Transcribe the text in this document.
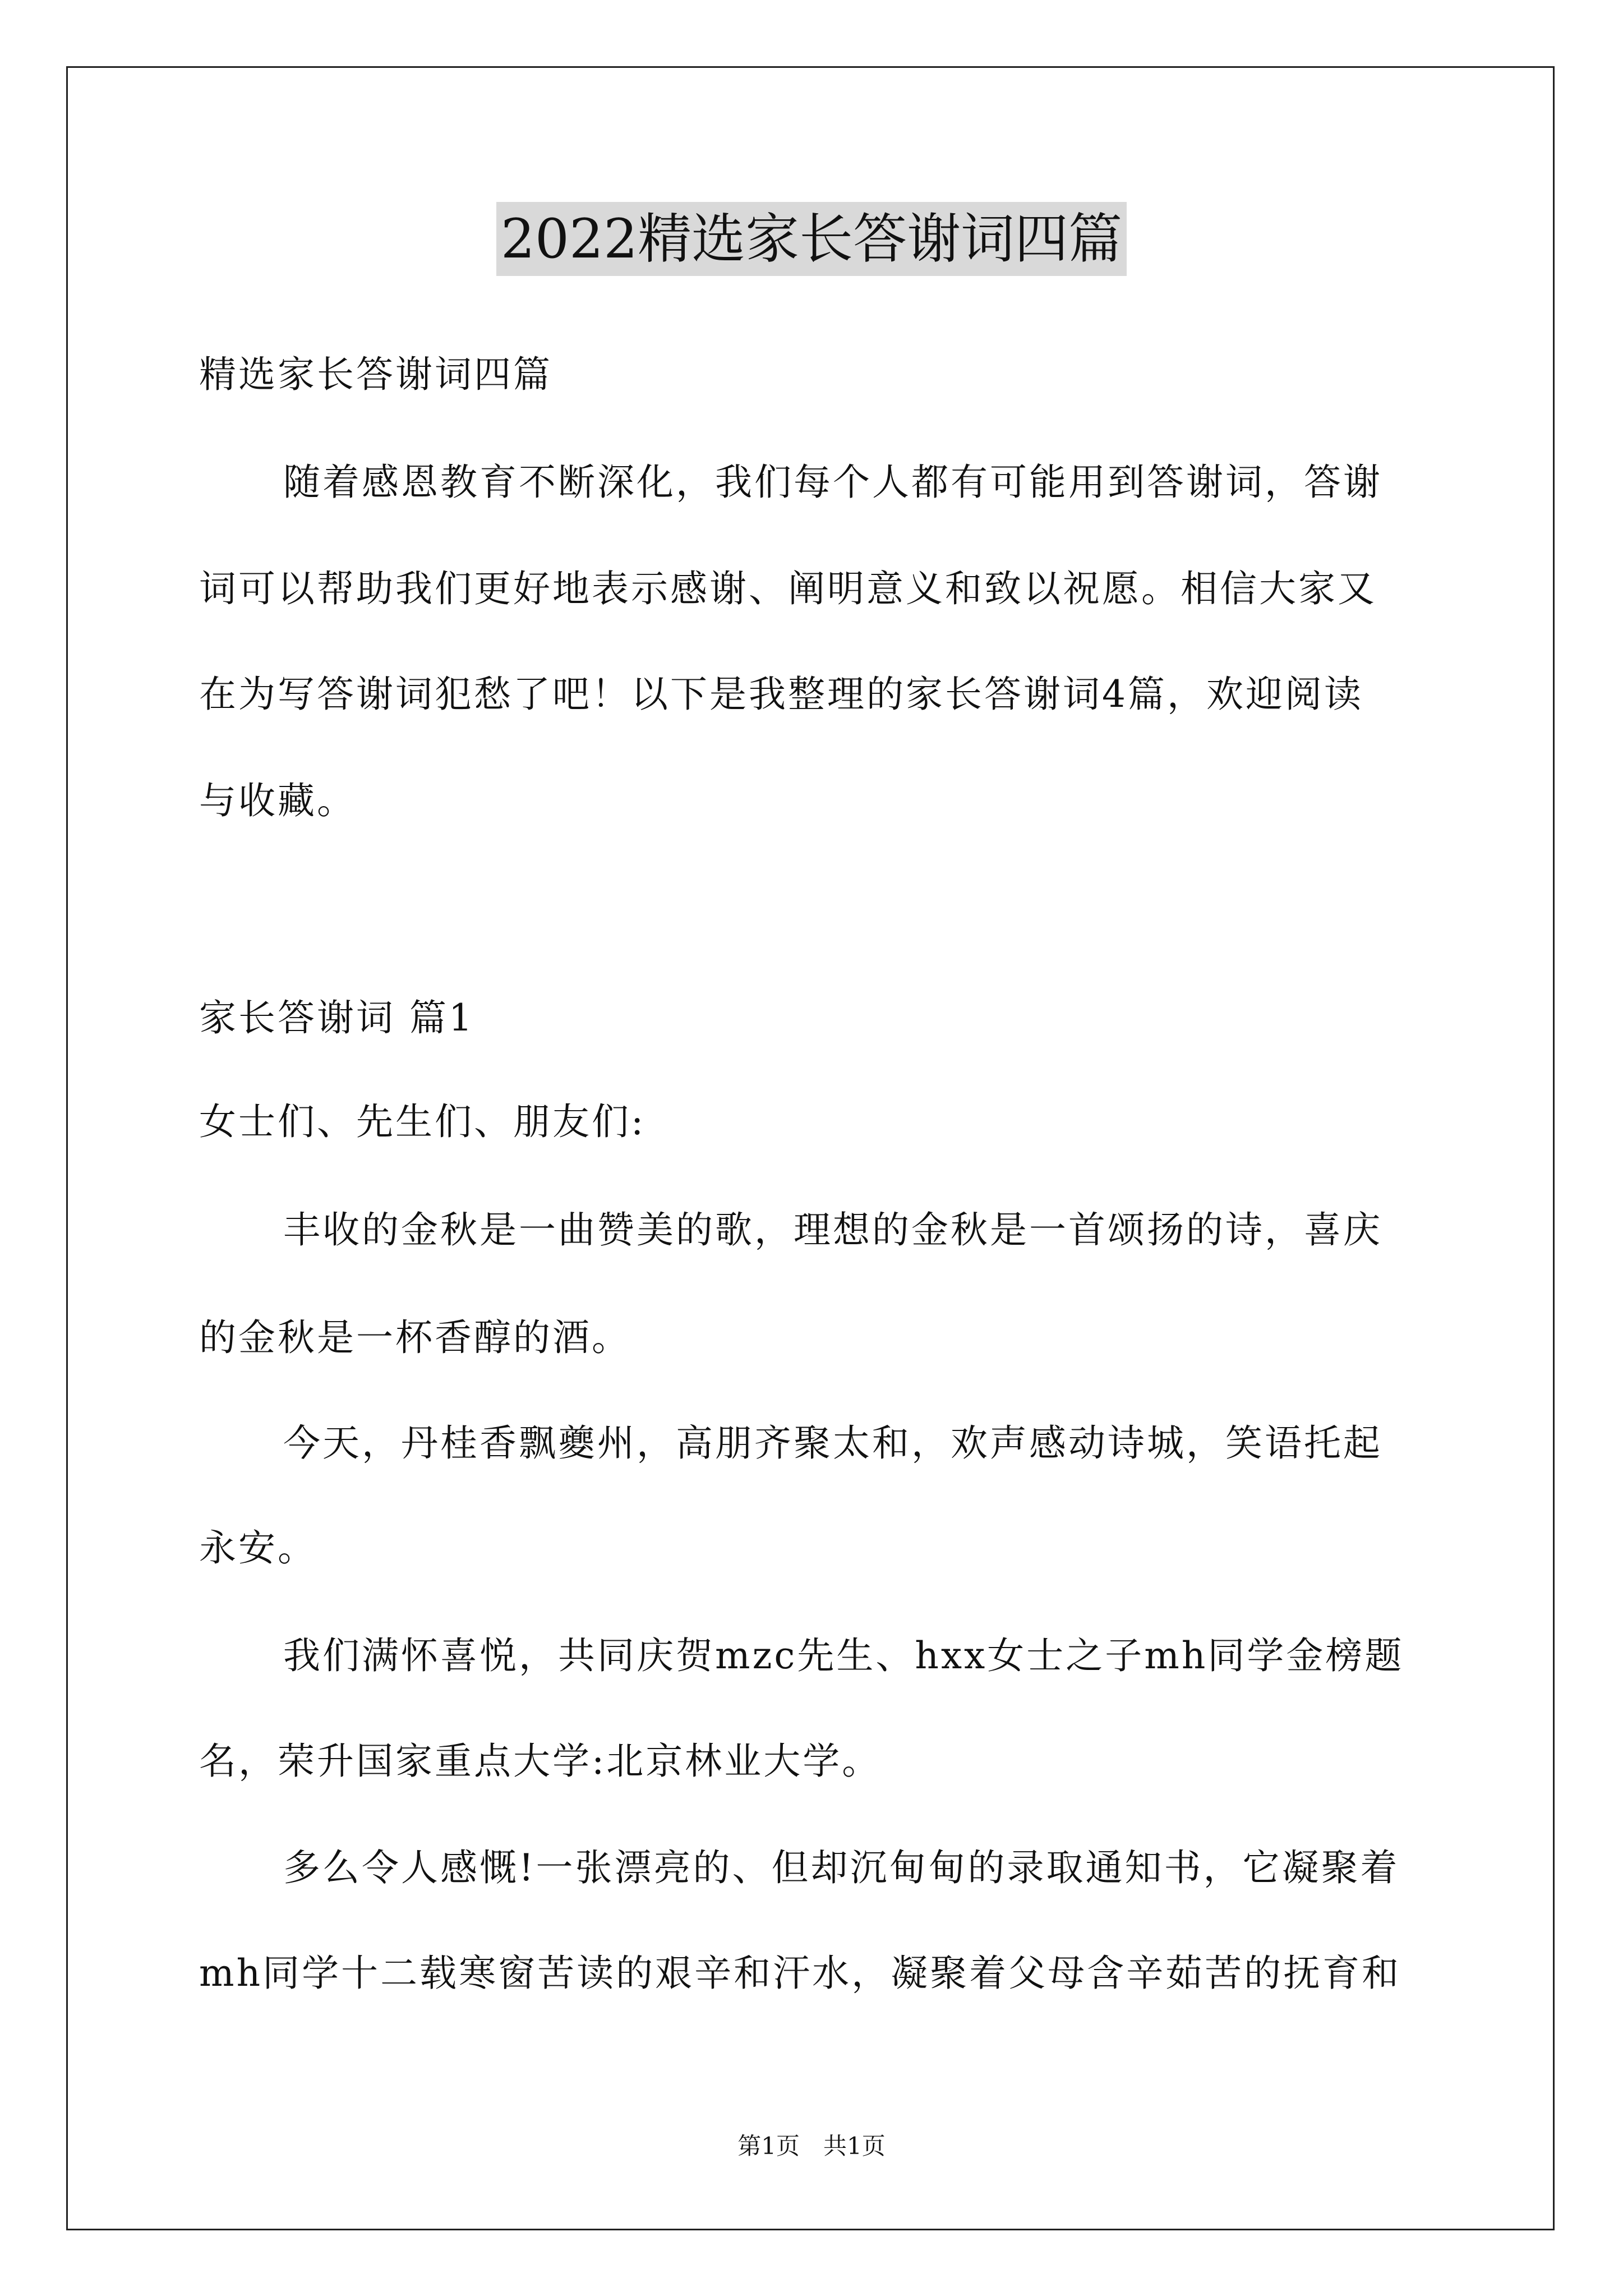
2022精选家长答谢词四篇
精选家长答谢词四篇
随着感恩教育不断深化，我们每个人都有可能用到答谢词，答谢
词可以帮助我们更好地表示感谢、阐明意义和致以祝愿。相信大家又
在为写答谢词犯愁了吧！以下是我整理的家长答谢词4篇，欢迎阅读
与收藏。
家长答谢词 篇1
女士们、先生们、朋友们:
丰收的金秋是一曲赞美的歌，理想的金秋是一首颂扬的诗，喜庆
的金秋是一杯香醇的酒。
今天，丹桂香飘夔州，高朋齐聚太和，欢声感动诗城，笑语托起
永安。
我们满怀喜悦，共同庆贺mzc先生、hxx女士之子mh同学金榜题
名，荣升国家重点大学:北京林业大学。
多么令人感慨!一张漂亮的、但却沉甸甸的录取通知书，它凝聚着
mh同学十二载寒窗苦读的艰辛和汗水，凝聚着父母含辛茹苦的抚育和
第1页　共1页
